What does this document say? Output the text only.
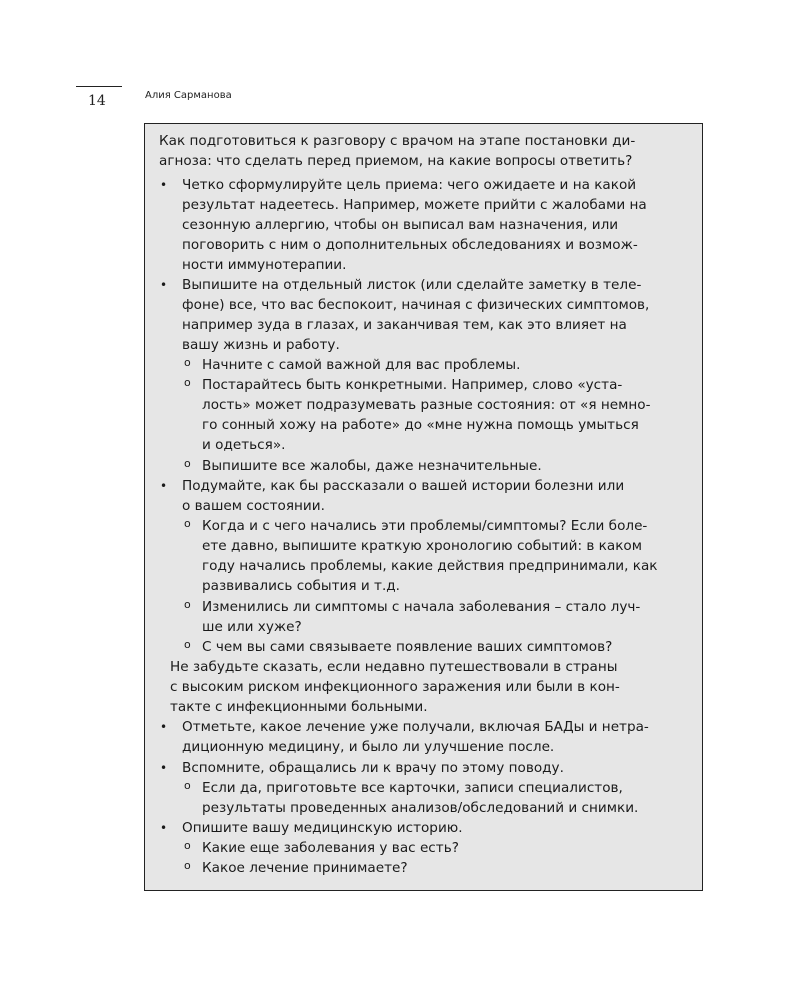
14	Алия Сарманова
Как подготовиться к разговору с врачом на этапе постановки ди-
агноза: что сделать перед приемом, на какие вопросы ответить?
• Четко сформулируйте цель приема: чего ожидаете и на какой
результат надеетесь. Например, можете прийти с жалобами на
сезонную аллергию, чтобы он выписал вам назначения, или
поговорить с ним о дополнительных обследованиях и возмож-
ности иммунотерапии.
• Выпишите на отдельный листок (или сделайте заметку в теле-
фоне) все, что вас беспокоит, начиная с физических симптомов,
например зуда в глазах, и заканчивая тем, как это влияет на
вашу жизнь и работу.
o Начните с самой важной для вас проблемы.
o Постарайтесь быть конкретными. Например, слово «уста-
лость» может подразумевать разные состояния: от «я немно-
го сонный хожу на работе» до «мне нужна помощь умыться
и одеться».
o Выпишите все жалобы, даже незначительные.
• Подумайте, как бы рассказали о вашей истории болезни или
о вашем состоянии.
o Когда и с чего начались эти проблемы/симптомы? Если боле-
ете давно, выпишите краткую хронологию событий: в каком
году начались проблемы, какие действия предпринимали, как
развивались события и т.д.
o Изменились ли симптомы с начала заболевания – стало луч-
ше или хуже?
o С чем вы сами связываете появление ваших симптомов?
Не забудьте сказать, если недавно путешествовали в страны
с высоким риском инфекционного заражения или были в кон-
такте с инфекционными больными.
• Отметьте, какое лечение уже получали, включая БАДы и нетра-
диционную медицину, и было ли улучшение после.
• Вспомните, обращались ли к врачу по этому поводу.
o Если да, приготовьте все карточки, записи специалистов,
результаты проведенных анализов/обследований и снимки.
• Опишите вашу медицинскую историю.
o Какие еще заболевания у вас есть?
o Какое лечение принимаете?
